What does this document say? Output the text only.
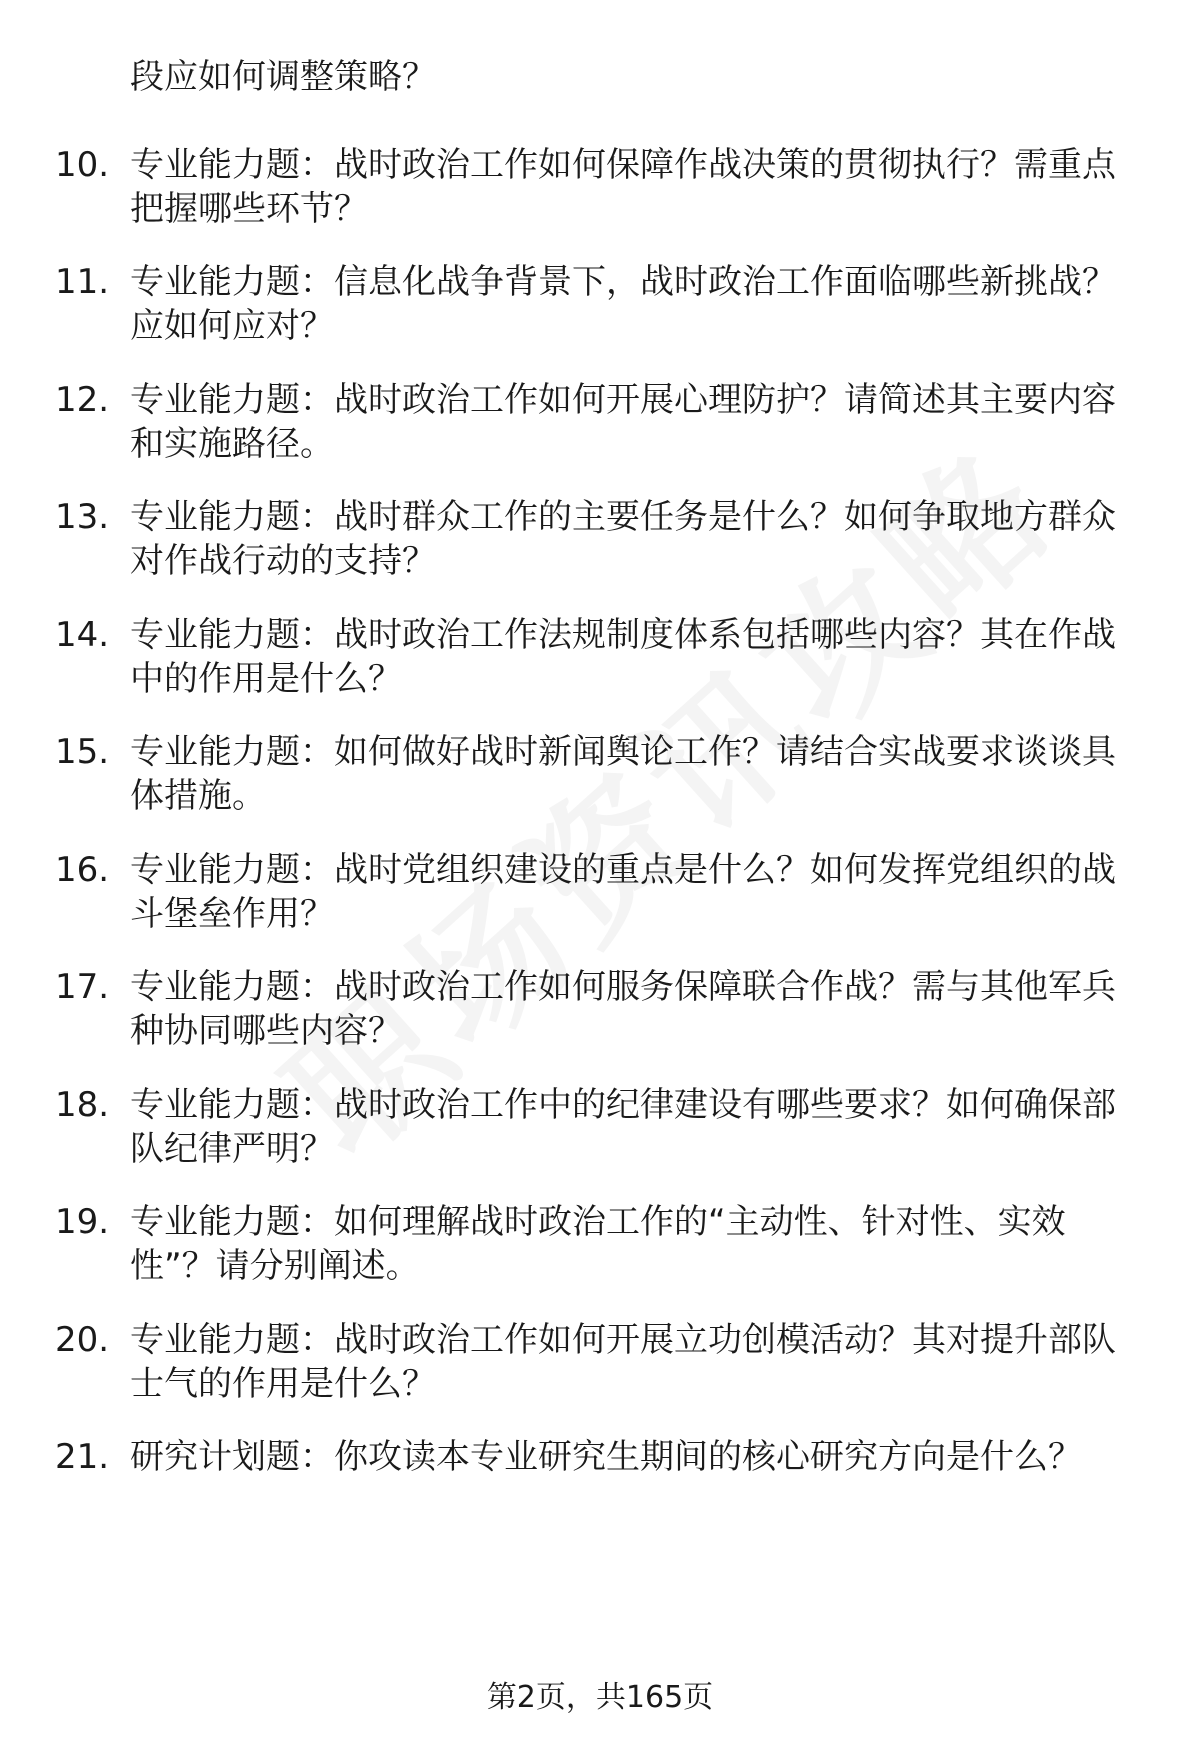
段应如何调整策略？
10. 专业能力题：战时政治工作如何保障作战决策的贯彻执行？需重点把握哪些环节？
11. 专业能力题：信息化战争背景下，战时政治工作面临哪些新挑战？应如何应对？
12. 专业能力题：战时政治工作如何开展心理防护？请简述其主要内容和实施路径。
13. 专业能力题：战时群众工作的主要任务是什么？如何争取地方群众对作战行动的支持？
14. 专业能力题：战时政治工作法规制度体系包括哪些内容？其在作战中的作用是什么？
15. 专业能力题：如何做好战时新闻舆论工作？请结合实战要求谈谈具体措施。
16. 专业能力题：战时党组织建设的重点是什么？如何发挥党组织的战斗堡垒作用？
17. 专业能力题：战时政治工作如何服务保障联合作战？需与其他军兵种协同哪些内容？
18. 专业能力题：战时政治工作中的纪律建设有哪些要求？如何确保部队纪律严明？
19. 专业能力题：如何理解战时政治工作的“主动性、针对性、实效性”？请分别阐述。
20. 专业能力题：战时政治工作如何开展立功创模活动？其对提升部队士气的作用是什么？
21. 研究计划题：你攻读本专业研究生期间的核心研究方向是什么？
第2页，共165页
